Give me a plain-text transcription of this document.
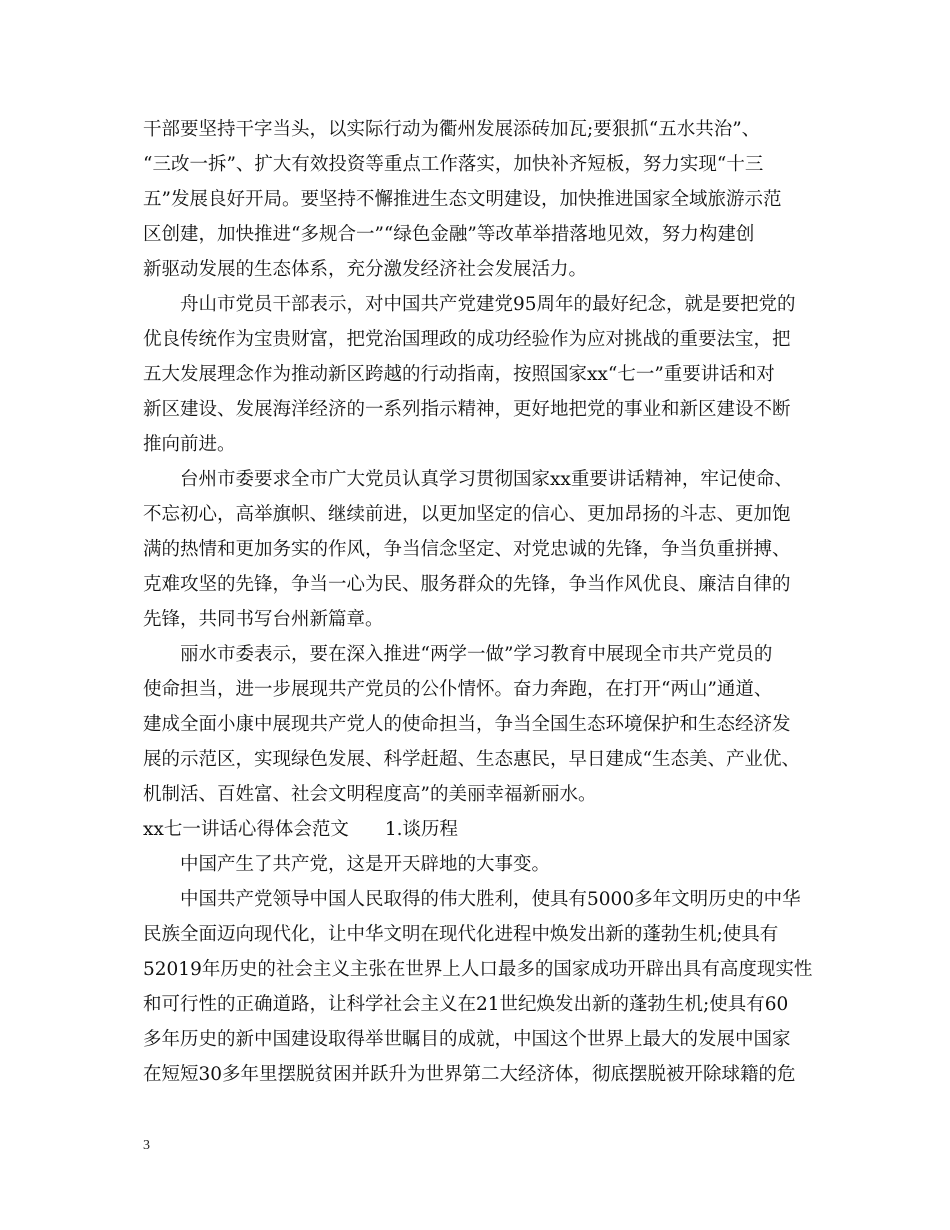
干部要坚持干字当头，以实际行动为衢州发展添砖加瓦;要狠抓“五水共治”、
“三改一拆”、扩大有效投资等重点工作落实，加快补齐短板，努力实现“十三
五”发展良好开局。要坚持不懈推进生态文明建设，加快推进国家全域旅游示范
区创建，加快推进“多规合一”“绿色金融”等改革举措落地见效，努力构建创
新驱动发展的生态体系，充分激发经济社会发展活力。
　　舟山市党员干部表示，对中国共产党建党95周年的最好纪念，就是要把党的
优良传统作为宝贵财富，把党治国理政的成功经验作为应对挑战的重要法宝，把
五大发展理念作为推动新区跨越的行动指南，按照国家xx“七一”重要讲话和对
新区建设、发展海洋经济的一系列指示精神，更好地把党的事业和新区建设不断
推向前进。
　　台州市委要求全市广大党员认真学习贯彻国家xx重要讲话精神，牢记使命、
不忘初心，高举旗帜、继续前进，以更加坚定的信心、更加昂扬的斗志、更加饱
满的热情和更加务实的作风，争当信念坚定、对党忠诚的先锋，争当负重拼搏、
克难攻坚的先锋，争当一心为民、服务群众的先锋，争当作风优良、廉洁自律的
先锋，共同书写台州新篇章。
　　丽水市委表示，要在深入推进“两学一做”学习教育中展现全市共产党员的
使命担当，进一步展现共产党员的公仆情怀。奋力奔跑，在打开“两山”通道、
建成全面小康中展现共产党人的使命担当，争当全国生态环境保护和生态经济发
展的示范区，实现绿色发展、科学赶超、生态惠民，早日建成“生态美、产业优、
机制活、百姓富、社会文明程度高”的美丽幸福新丽水。
xx七一讲话心得体会范文 1.谈历程
　　中国产生了共产党，这是开天辟地的大事变。
　　中国共产党领导中国人民取得的伟大胜利，使具有5000多年文明历史的中华
民族全面迈向现代化，让中华文明在现代化进程中焕发出新的蓬勃生机;使具有
52019年历史的社会主义主张在世界上人口最多的国家成功开辟出具有高度现实性
和可行性的正确道路，让科学社会主义在21世纪焕发出新的蓬勃生机;使具有60
多年历史的新中国建设取得举世瞩目的成就，中国这个世界上最大的发展中国家
在短短30多年里摆脱贫困并跃升为世界第二大经济体，彻底摆脱被开除球籍的危
3
